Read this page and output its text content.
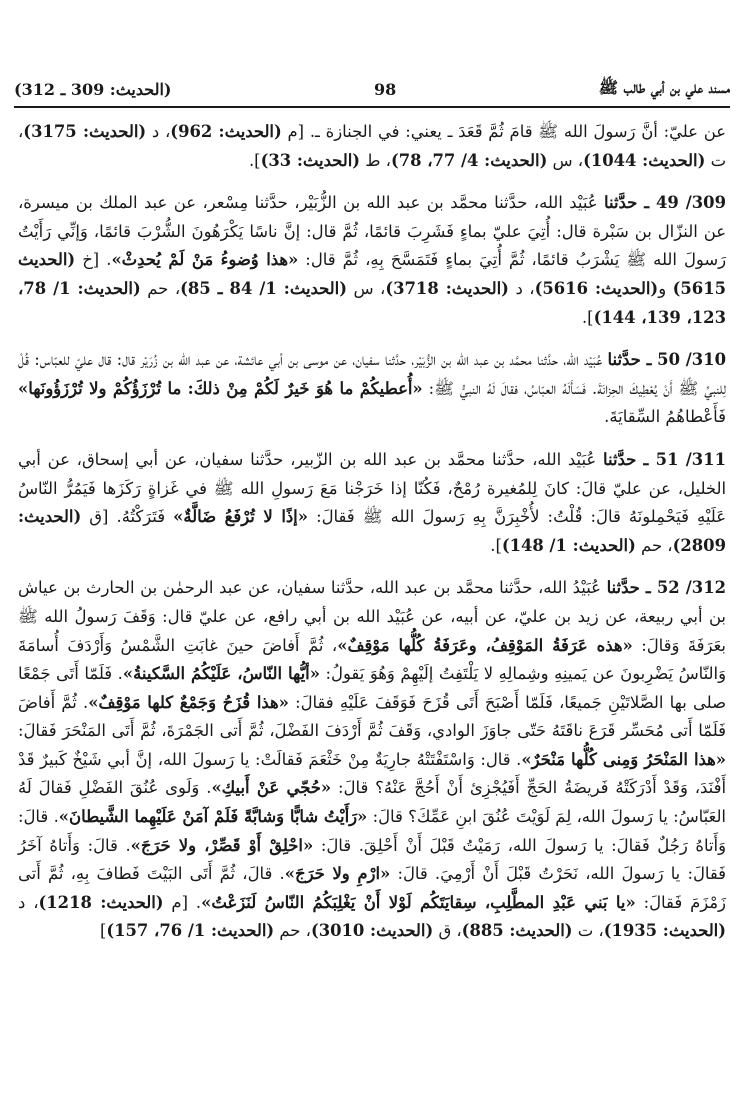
مسند علي بن أبي طالب ﷺ
98
(الحديث: 309 ـ 312)

عن عليّ: أنَّ رَسولَ الله ﷺ قامَ ثُمَّ قَعَدَ ـ يعني: في الجنازة ـ. [م (الحديث: 962)، د (الحديث: 3175)، ت (الحديث: 1044)، س (الحديث: 4/ 77، 78)، ط (الحديث: 33)].

309/ 49 ـ حدَّثنا عُبَيْد الله، حدَّثنا محمَّد بن عبد الله بن الزُّبَيْر، حدَّثنا مِسْعر، عن عبد الملك بن ميسرة، عن النزّال بن سَبْرة قال: أُتِيَ عليّ بماءٍ فَشَرِبَ قائمًا، ثُمَّ قال: إنَّ ناسًا يَكْرَهُونَ الشُّرْبَ قائمًا، وَإنِّي رَأَيْتُ رَسولَ الله ﷺ يَشْرَبُ قائمًا، ثُمَّ أُتِيَ بماءٍ فَتَمَسَّحَ بِهِ، ثُمَّ قال: «هذا وُضوءُ مَنْ لَمْ يُحدِثْ». [خ (الحديث 5615) و(الحديث: 5616)، د (الحديث: 3718)، س (الحديث: 1/ 84 ـ 85)، حم (الحديث: 1/ 78، 123، 139، 144)].

310/ 50 ـ حدَّثنا عُبَيْد الله، حدَّثنا محمَّد بن عبد الله بن الزُّبَيْر، حدَّثنا سفيان، عن موسى بن أبي عائشة، عن عبد الله بن زُرَيْر قال: قال عليّ للعبّاس: قُلْ لِلنبيِّ ﷺ أَنْ يُعْطِيكَ الحِزانَةَ. فَسَأَلَهُ العبّاسُ، فقالَ لَهُ النبيُّ ﷺ: «أُعطيكُمْ ما هُوَ خَيرٌ لَكُمْ مِنْ ذلكَ: ما تُرْزَؤُكُمْ ولا تُرْزَؤُونَها» فَأَعْطاهُمُ السِّقايَةَ.

311/ 51 ـ حدَّثنا عُبَيْد الله، حدَّثنا محمَّد بن عبد الله بن الزّبير، حدَّثنا سفيان، عن أبي إسحاق، عن أبي الخليل، عن عليّ قالَ: كانَ لِلمُغيرة رُمْحٌ، فَكُنّا إذا خَرَجْنا مَعَ رَسولِ الله ﷺ في غَزاةٍ رَكَزَها فَيَمُرُّ النّاسُ عَلَيْهِ فَيَحْمِلونَهُ قالَ: قُلْتُ: لأُخْبِرَنَّ بِهِ رَسولَ الله ﷺ فَقالَ: «إذًا لا تُرْفَعُ ضَالَّةٌ» فَتَرَكْتُهُ. [ق (الحديث: 2809)، حم (الحديث: 1/ 148)].

312/ 52 ـ حدَّثنا عُبَيْدُ الله، حدَّثنا محمَّد بن عبد الله، حدَّثنا سفيان، عن عبد الرحمٰن بن الحارث بن عياش بن أبي ربيعة، عن زيد بن عليّ، عن أبيه، عن عُبَيْد الله بن أبي رافع، عن عليّ قال: وَقَفَ رَسولُ الله ﷺ بعَرَفَةَ وَقالَ: «هذه عَرَفَةُ المَوْقِفُ، وعَرَفَةُ كُلُّها مَوْقِفٌ»، ثُمَّ أَفاضَ حينَ غابَتِ الشَّمْسُ وَأَرْدَفَ أُسامَةَ وَالنّاسُ يَضْرِبونَ عن يَمينِهِ وشِمالِهِ لا يَلْتَفِتُ إلَيْهِمْ وَهُوَ يَقولُ: «أيُّها النّاسُ، عَلَيْكُمُ السَّكينةُ». فَلَمّا أَتَى جَمْعًا صلى بها الصَّلاتَيْنِ جَميعًا، فَلَمّا أَصْبَحَ أَتَى قُزَحَ فَوَقَفَ عَلَيْهِ فقالَ: «هذا قُزَحُ وَجَمْعٌ كلها مَوْقِفٌ». ثُمَّ أَفاضَ فَلَمّا أَتى مُحَسِّر قَرَعَ ناقَتَهُ حَتّى جاوَزَ الوادي، وَقَفَ ثُمَّ أَرْدَفَ الفَضْلَ، ثُمَّ أَتى الجَمْرَةَ، ثُمَّ أَتَى المَنْحَرَ فَقالَ: «هذا المَنْحَرُ وَمِنى كُلُّها مَنْحَرٌ». قال: وَاسْتَفْتَتْهُ جارِيَةٌ مِنْ خَثْعَمَ فَقالَتْ: يا رَسولَ الله، إنَّ أبي شَيْخٌ كَبيرٌ قَدْ أَفْنَدَ، وَقَدْ أَدْرَكَتْهُ فَريضَةُ الحَجِّ أَفَيُجْزِئ أَنْ أَحُجَّ عَنْهُ؟ قالَ: «حُجّي عَنْ أَبيكِ». وَلَوى عُنُقَ الفَضْلِ فَقالَ لَهُ العَبّاسُ: يا رَسولَ الله، لِمَ لَوَيْتَ عُنُقَ ابنِ عَمِّكَ؟ قالَ: «رَأَيْتُ شابًّا وَشابَّةً فَلَمْ آمَنْ عَلَيْهِما الشَّيطانَ». قالَ: وَأَتاهُ رَجُلٌ فَقالَ: يا رَسولَ الله، رَمَيْتُ قَبْلَ أَنْ أَحْلِقَ. قالَ: «احْلِقْ أَوْ قَصِّرْ، ولا حَرَجَ». قالَ: وَأَتاهُ آخَرُ فَقالَ: يا رَسولَ الله، نَحَرْتُ قَبْلَ أَنْ أَرْمِيَ. قالَ: «ارْمِ ولا حَرَجَ». قالَ، ثُمَّ أَتَى البَيْتَ فَطافَ بِهِ، ثُمَّ أَتى زَمْزَمَ فَقالَ: «يا بَني عَبْدِ المطَّلِبِ، سِقايَتَكُم لَوْلا أَنْ يَغْلِبَكُمُ النّاسُ لَنَزَعْتُ». [م (الحديث: 1218)، د (الحديث: 1935)، ت (الحديث: 885)، ق (الحديث: 3010)، حم (الحديث: 1/ 76، 157)]
